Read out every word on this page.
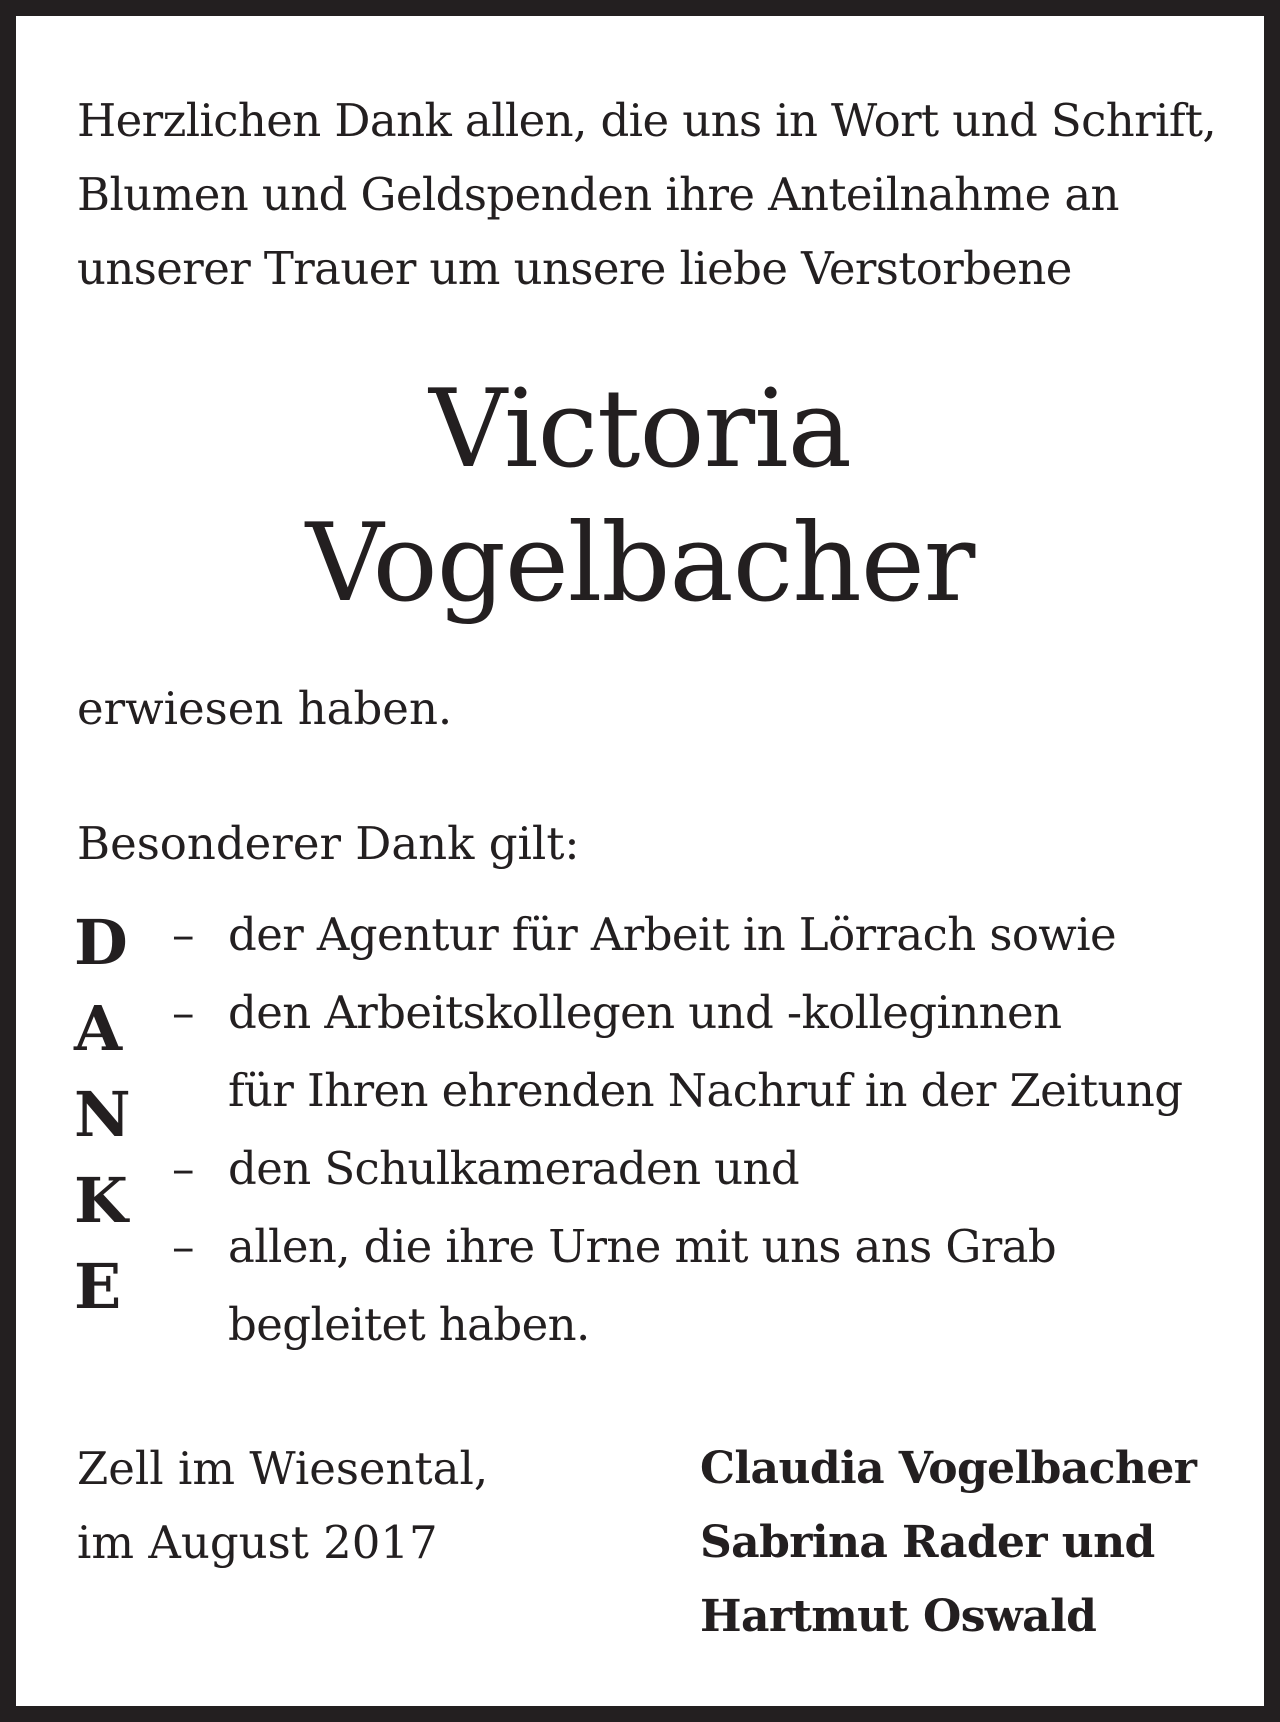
Herzlichen Dank allen, die uns in Wort und Schrift,
Blumen und Geldspenden ihre Anteilnahme an
unserer Trauer um unsere liebe Verstorbene
Victoria
Vogelbacher
erwiesen haben.
Besonderer Dank gilt:
D
A
N
K
E
– der Agentur für Arbeit in Lörrach sowie
– den Arbeitskollegen und -kolleginnen
für Ihren ehrenden Nachruf in der Zeitung
– den Schulkameraden und
– allen, die ihre Urne mit uns ans Grab
begleitet haben.
Zell im Wiesental,
im August 2017
Claudia Vogelbacher
Sabrina Rader und
Hartmut Oswald
